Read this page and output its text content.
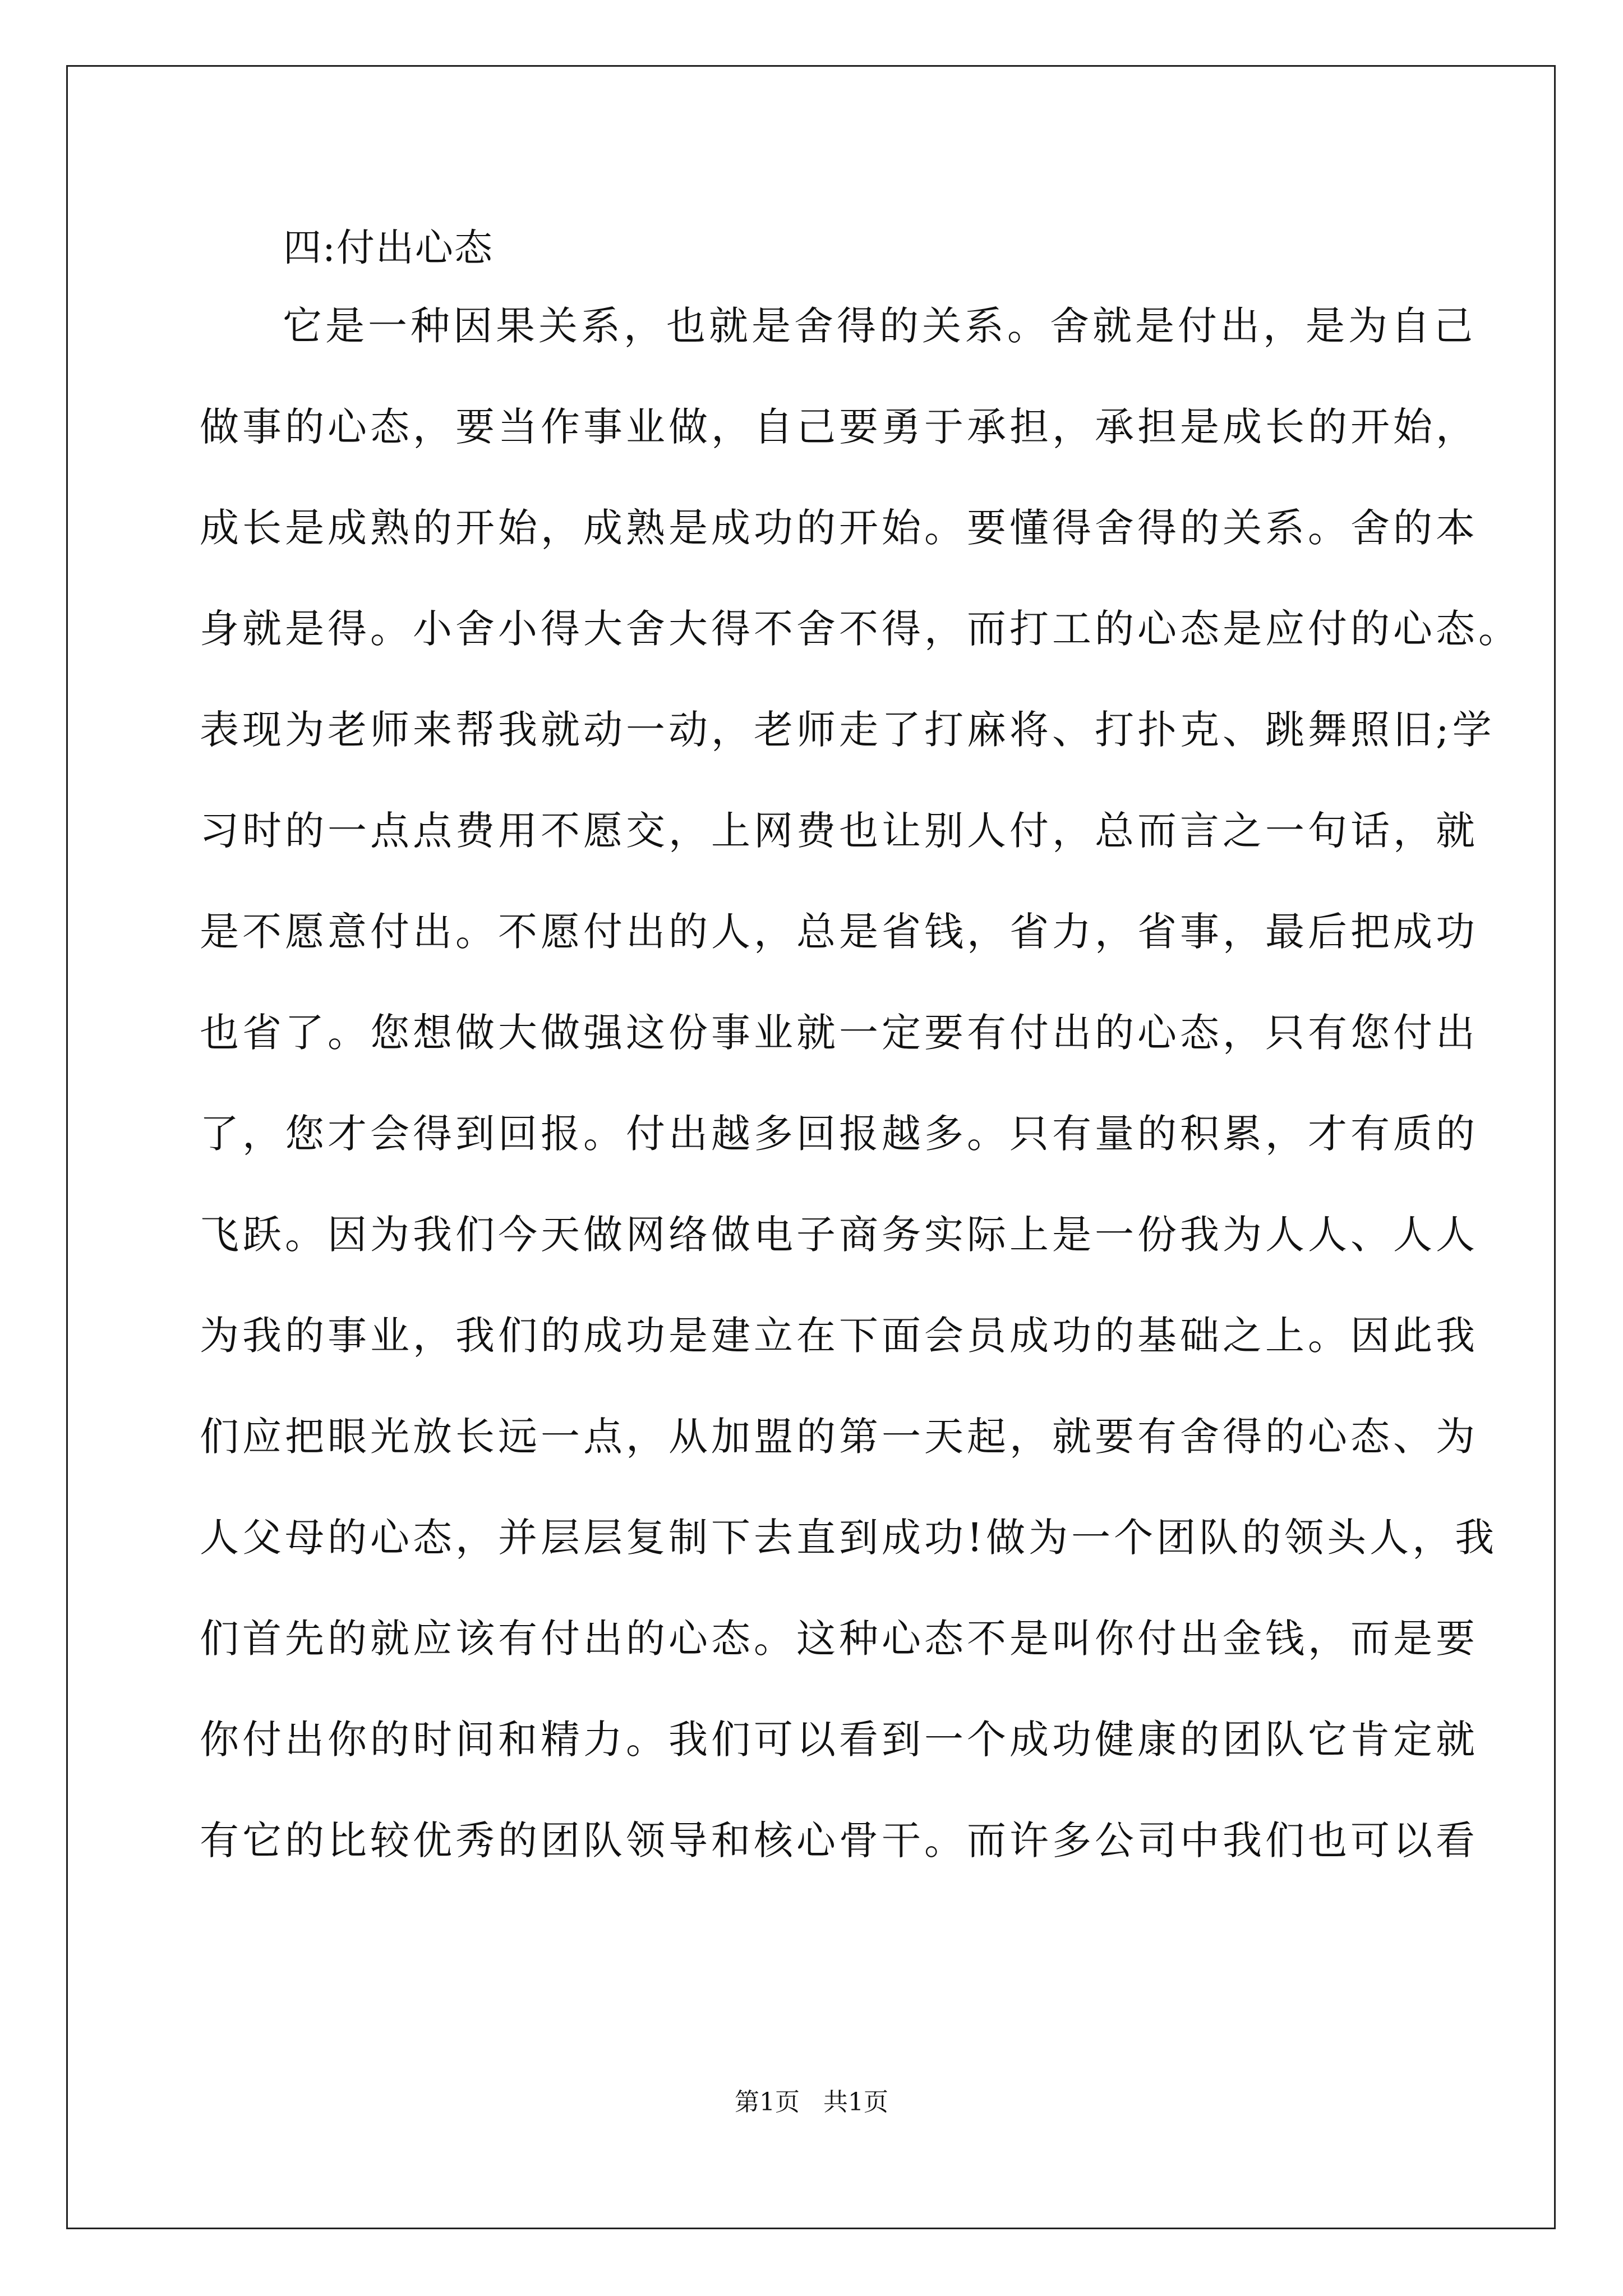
四:付出心态
它是一种因果关系，也就是舍得的关系。舍就是付出，是为自己
做事的心态，要当作事业做，自己要勇于承担，承担是成长的开始，
成长是成熟的开始，成熟是成功的开始。要懂得舍得的关系。舍的本
身就是得。小舍小得大舍大得不舍不得，而打工的心态是应付的心态。
表现为老师来帮我就动一动，老师走了打麻将、打扑克、跳舞照旧;学
习时的一点点费用不愿交，上网费也让别人付，总而言之一句话，就
是不愿意付出。不愿付出的人，总是省钱，省力，省事，最后把成功
也省了。您想做大做强这份事业就一定要有付出的心态，只有您付出
了，您才会得到回报。付出越多回报越多。只有量的积累，才有质的
飞跃。因为我们今天做网络做电子商务实际上是一份我为人人、人人
为我的事业，我们的成功是建立在下面会员成功的基础之上。因此我
们应把眼光放长远一点，从加盟的第一天起，就要有舍得的心态、为
人父母的心态，并层层复制下去直到成功!做为一个团队的领头人，我
们首先的就应该有付出的心态。这种心态不是叫你付出金钱，而是要
你付出你的时间和精力。我们可以看到一个成功健康的团队它肯定就
有它的比较优秀的团队领导和核心骨干。而许多公司中我们也可以看
第1页   共1页
